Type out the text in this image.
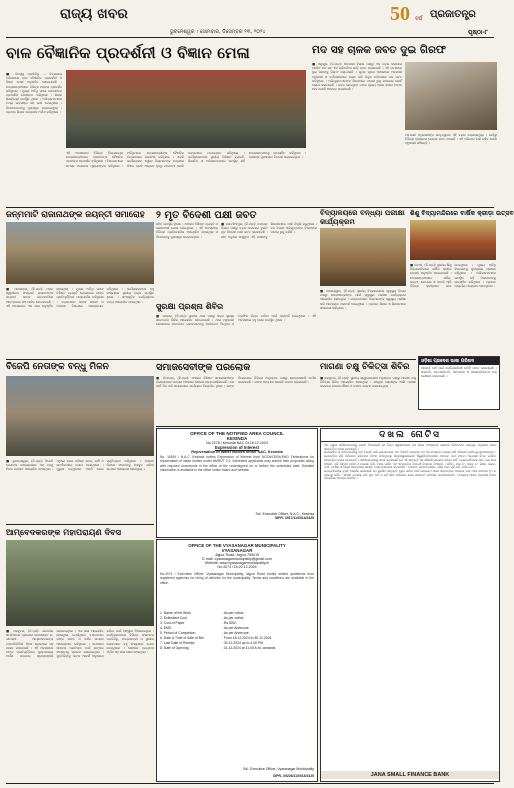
ରାଜ୍ୟ ଖବର
ଭୁବନେଶ୍ୱର । ସୋମବାର, ଡିସେମ୍ବର ୨୩, ୨୦୨୪	ପୃଷ୍ଠା-୮
50 ବର୍ଷ ପ୍ରଜାତନ୍ତ୍ର
ବାଳ ବୈଜ୍ଞାନିକ ପ୍ରଦର୍ଶନୀ ଓ ବିଜ୍ଞାନ ମେଳା	ମଦ ସହ ଚାଳକ ଜବତ ଦୁଇ ଗିରଫ

■ ନିଜସ୍ୱ ପ୍ରତିନିଧି ... ବିଦ୍ୟାଳୟ ପରିସରରେ ବାଳ ବୈଜ୍ଞାନିକ ପ୍ରଦର୍ଶନୀ ଓ ବିଜ୍ଞାନ ମେଳା ଅନୁଷ୍ଠିତ ହୋଇଯାଇଛି । ଛାତ୍ରଛାତ୍ରୀମାନେ ବିଭିନ୍ନ ମଡେଲ ପ୍ରଦର୍ଶନ କରିଥିଲେ । ମୁଖ୍ୟ ଅତିଥି ଭାବେ ଯୋଗଦେଇ ପ୍ରଦର୍ଶନୀ ଉଦଘାଟନ କରିଥିଲେ । ଶିକ୍ଷକ ଶିକ୍ଷୟିତ୍ରୀ ଉପସ୍ଥିତ ଥିଲେ । ଅଭିଭାବକମାନେ ମଧ୍ୟ ଉତ୍ସାହର ସହ ଭାଗ ନେଇଥିଲେ । ବିଜେତାମାନଙ୍କୁ ପୁରସ୍କୃତ କରାଯାଇଥିଲା । ପ୍ରଧାନ ଶିକ୍ଷକ ଧନ୍ୟବାଦ ଅର୍ପଣ କରିଥିଲେ ।

ଏହି ଅବସରରେ ବିଭିନ୍ନ ବିଦ୍ୟାଳୟର ଛାତ୍ରଛାତ୍ରୀମାନେ ସେମାନଙ୍କ ବୈଜ୍ଞାନିକ ପ୍ରକଳ୍ପ ପ୍ରଦର୍ଶନ କରିଥିଲେ । ବିଚାରକମାନେ ସମସ୍ତ ମଡେଲର ମୂଲ୍ୟାଙ୍କନ କରିଥିଲେ । ଅତିଥିମାନେ ଛାତ୍ରଛାତ୍ରୀଙ୍କ ବୈଜ୍ଞାନିକ ଚିନ୍ତାଧାରାର ପ୍ରଶଂସା କରିଥିଲେ । ଏଭଳି କାର୍ଯ୍ୟକ୍ରମ ଦ୍ୱାରା ପିଲାମାନଙ୍କ ମଧ୍ୟରେ ବିଜ୍ଞାନ ପ୍ରତି ଆଗ୍ରହ ବୃଦ୍ଧି ପାଇଥାଏ ବୋଲି ବକ୍ତାମାନେ ମତବ୍ୟକ୍ତ କରିଥିଲେ । କାର୍ଯ୍ୟକ୍ରମରେ ସ୍ଥାନୀୟ ବିଶିଷ୍ଟ ବ୍ୟକ୍ତି, ଶିକ୍ଷାବିତ୍ ଓ ଅଭିଭାବକମାନେ ଉପସ୍ଥିତ ରହି ଛାତ୍ରଛାତ୍ରୀଙ୍କୁ ଉତ୍ସାହିତ କରିଥିଲେ । ଶେଷରେ ପୁରସ୍କାର ବିତରଣ କରାଯାଇଥିଲା ।

■ ଅନୁଗୁଳ, (ନି.ପ୍ର): ଅବକାରୀ ବିଭାଗ ପକ୍ଷରୁ ଏକ ଚଢ଼ଉ କରାଯାଇ ଅବୈଧ ମଦ ସହ ଏକ ଚାରିଚକିଆ ଗାଡ଼ି ଜବତ କରାଯାଇଛି । ଏହି ଘଟଣାରେ ଦୁଇ ଜଣଙ୍କୁ ଗିରଫ କରାଯାଇଛି । ଗୁପ୍ତ ସୂଚନା ଆଧାରରେ ଅବକାରୀ ଅଧିକାରୀ ଓ କର୍ମଚାରୀମାନେ ଚଢ଼ଉ କରି ବିପୁଳ ପରିମାଣର ମଦ ଜବତ କରିଥିଲେ । ଅଭିଯୁକ୍ତମାନଙ୍କ ବିରୋଧରେ ମାମଲା ରୁଜୁ କରାଯାଇ କୋର୍ଟ ଚାଲାଣ କରାଯାଇଛି । ଜବତ ହୋଇଥିବା ମଦର ମୂଲ୍ୟ ହଜାର ହଜାର ଟଙ୍କା ହେବ ବୋଲି ଆକଳନ କରାଯାଇଛି ।

ଅବକାରୀ ଅଧିକାରୀଙ୍କ ନେତୃତ୍ୱରେ ଏହି ଚଢ଼ଉ କରାଯାଇଥିଲା । ଗାଡ଼ିରୁ ବିଭିନ୍ନ ବ୍ରାଣ୍ଡର ବୋତଲ ଜବତ ହୋଇଛି । ଏହି ଅଭିଯାନ ଜାରି ରହିବ ବୋଲି ଅଧିକାରୀ କହିଛନ୍ତି ।

ଜନ୍ମମାଟି ରାଜାନାଥଙ୍କ ଜୟନ୍ତୀ ସମାରୋହ	୨ ମୃତ ବିଦେଶୀ ପକ୍ଷୀ ଜବତ	ବିଦ୍ୟାଳୟରେ ବନ୍ଧ୍ୟା ପରୀକ୍ଷା କାର୍ଯ୍ୟକ୍ରମ
ଶିଶୁ ବିଦ୍ୟାମନ୍ଦିରରେ ବାର୍ଷିକ କ୍ରୀଡ଼ା ଉତ୍ସବ

■ ପାଳଲହଡ଼ା, (ନି.ପ୍ର): ମହାନ ସ୍ୱାଧୀନତା ସଂଗ୍ରାମୀ ରାଜାନାଥଙ୍କ ଜୟନ୍ତୀ ତାଙ୍କ ଜନ୍ମମାଟିରେ ଆଡ଼ମ୍ବରର ସହ ପାଳିତ ହୋଇଯାଇଛି । ଏହି ଅବସରରେ ଏକ ସଭା ଅନୁଷ୍ଠିତ ହୋଇଥିଲା । ମୁଖ୍ୟ ଅତିଥି ଭାବେ ବିଶିଷ୍ଟ ବ୍ୟକ୍ତି ଯୋଗଦେଇ ତାଙ୍କ ପ୍ରତିମୂର୍ତ୍ତିରେ ମାଲ୍ୟାର୍ପଣ କରିଥିଲେ । ବକ୍ତାମାନେ ତାଙ୍କ ଜୀବନୀ ଓ ଅବଦାନ ବିଷୟରେ ଆଲୋକପାତ କରିଥିଲେ । କାର୍ଯ୍ୟକ୍ରମରେ ବହୁ ସଂଖ୍ୟାରେ ସ୍ଥାନୀୟ ଲୋକ ଉପସ୍ଥିତ ଥିଲେ । ସାଂସ୍କୃତିକ କାର୍ଯ୍ୟକ୍ରମ ମଧ୍ୟ ଆୟୋଜିତ ହୋଇଥିଲା ।

ସହିତ ଉପସ୍ଥିତ ଥିଲେ । ଅଞ୍ଚଳର ବିଶିଷ୍ଟ ବ୍ୟକ୍ତି ଓ ଗ୍ରାମବାସୀ ଯୋଗ ଦେଇଥିଲେ । ଏହି ଅବସରରେ ବିଭିନ୍ନ ପ୍ରତିଯୋଗିତା ଆୟୋଜିତ ହୋଇଥିଲା ଓ ବିଜେତାଙ୍କୁ ପୁରସ୍କୃତ କରାଯାଇଥିଲା ।

■ ଜଗତସିଂହପୁର, (ନି.ପ୍ର): ଜଙ୍ଗଲ ବିଭାଗ ପକ୍ଷରୁ ଚଢ଼ଉ କରାଯାଇ ଦୁଇଟି ମୃତ ବିଦେଶୀ ପକ୍ଷୀ ଜବତ କରାଯାଇଛି । ଶୀତ ଋତୁରେ ଆସୁଥିବା ଏହି ପକ୍ଷୀଙ୍କୁ ଶିକାରୀମାନେ ମାରି ବିକ୍ରି କରୁଥିଲେ । ବନ ବିଭାଗ ଅଭିଯୁକ୍ତଙ୍କ ବିରୋଧରେ ମାମଲା ରୁଜୁ କରିଛି ।

ସୁରକ୍ଷା ପ୍ରଶ୍ନା ଶିବିର

■ ଭଦ୍ରକ, (ନି.ପ୍ର): ସ୍ଥାନୀୟ ଥାନା ପକ୍ଷରୁ ସଡ଼କ ସୁରକ୍ଷା ସଚେତନତା ଶିବିର ଆୟୋଜିତ ହୋଇଯାଇଛି । ଥାନା ଅଧିକାରୀ ଯୋଗଦେଇ ଯାନବାହନ ଚାଳକମାନଙ୍କୁ ହେଲମେଟ ପିନ୍ଧିବା ଓ ଟ୍ରାଫିକ ନିୟମ ମାନିବା ପାଇଁ ପରାମର୍ଶ ଦେଇଥିଲେ । ଏହି ଅବସରରେ ବହୁ ଲୋକ ଉପସ୍ଥିତ ଥିଲେ ।

■ ବାଲେଶ୍ୱର, (ନି.ପ୍ର): ସ୍ଥାନୀୟ ବିଦ୍ୟାଳୟରେ ସ୍ୱାସ୍ଥ୍ୟ ବିଭାଗ ପକ୍ଷରୁ ଛାତ୍ରଛାତ୍ରୀଙ୍କ ପାଇଁ ସ୍ୱାସ୍ଥ୍ୟ ପରୀକ୍ଷା କାର୍ଯ୍ୟକ୍ରମ ଆୟୋଜିତ ହୋଇଥିଲା । ଡାକ୍ତରମାନେ ପିଲାମାନଙ୍କ ସ୍ୱାସ୍ଥ୍ୟ ପରୀକ୍ଷା କରି ଆବଶ୍ୟକ ପରାମର୍ଶ ଦେଇଥିଲେ । ପ୍ରଧାନ ଶିକ୍ଷକ ଓ ଶିକ୍ଷକମାନେ ସହଯୋଗ କରିଥିଲେ ।

■ ଜଟଣୀ, (ନି.ପ୍ର): ସ୍ଥାନୀୟ ଶିଶୁ ବିଦ୍ୟାମନ୍ଦିରରେ ବାର୍ଷିକ କ୍ରୀଡ଼ା ଉତ୍ସବ ଅନୁଷ୍ଠିତ ହୋଇଯାଇଛି । ଛାତ୍ରଛାତ୍ରୀମାନେ ଦୌଡ଼, ଲମ୍ଫ, ଖୋ-ଖୋ ଓ କବାଡ଼ି ଆଦି ବିଭିନ୍ନ କ୍ରୀଡ଼ାରେ ଭାଗ ନେଇଥିଲେ । ମୁଖ୍ୟ ଅତିଥି ବିଜେତାଙ୍କୁ ପୁରସ୍କାର ପ୍ରଦାନ କରିଥିଲେ । ଅଭିଭାବକମାନେ ଉପସ୍ଥିତ ରହି ପିଲାମାନଙ୍କୁ ଉତ୍ସାହିତ କରିଥିଲେ । ପ୍ରଧାନ ଆଚାର୍ଯ୍ୟ ଧନ୍ୟବାଦ ଦେଇଥିଲେ ।

ଓଡ଼ିଶା ପ୍ରଦେଶ ଭାଷା ପରିଷଦ

ଆଗାମୀ ବର୍ଷ ପାଇଁ କାର୍ଯ୍ୟକାରିଣୀ କମିଟି ଗଠନ କରାଯାଇଛି । ସଭାପତି, ଉପ-ସଭାପତି, ସମ୍ପାଦକ ଓ ସଦସ୍ୟମାନଙ୍କ ନାମ ଘୋଷଣା କରାଯାଇଛି ।

ବିଜେପି ନେତାଙ୍କ ବନ୍ଧୁ ମିଳନ	ସମାଜସେବୀଙ୍କ ପରଲୋକ	ମାଗଣା ଚକ୍ଷୁ ଚିକିତ୍ସା ଶିବିର

■ ଭୁବନେଶ୍ୱର, (ନି.ପ୍ର): ବିଜେପି ନେତାଙ୍କ ଉଦ୍ୟୋଗରେ ଏକ ବନ୍ଧୁ ମିଳନ ଉତ୍ସବ ଆୟୋଜିତ ହୋଇଥିଲା । ଏଥିରେ ଦଳର ବରିଷ୍ଠ ନେତା, କର୍ମୀ ଓ ସମର୍ଥକମାନେ ଯୋଗ ଦେଇଥିଲେ । ପୁରୁଣା ବନ୍ଧୁମାନେ ଏକାଠି ହୋଇ ସ୍ମୃତିଚାରଣ କରିଥିଲେ । ଆଗାମୀ ଦିନରେ ସଂଗଠନକୁ ମଜବୁତ କରିବା ଉପରେ ଆଲୋଚନା ହୋଇଥିଲା ।

■ ନିମାପଡ଼ା, (ନି.ପ୍ର): ଅଞ୍ଚଳର ବିଶିଷ୍ଟ ସମାଜସେବୀଙ୍କ ପରଲୋକରେ ସମଗ୍ର ଅଞ୍ଚଳରେ ଶୋକର ଛାୟା ଖେଳିଯାଇଛି । ସେ ଦୀର୍ଘ ଦିନ ଧରି ସମାଜସେବା କାର୍ଯ୍ୟରେ ନିୟୋଜିତ ଥିଲେ । ତାଙ୍କ ବିୟୋଗରେ ବିଭିନ୍ନ ଅନୁଷ୍ଠାନ ପକ୍ଷରୁ ଶ୍ରଦ୍ଧାଞ୍ଜଳି ଅର୍ପଣ କରାଯାଇଛି । ତାଙ୍କ ଆତ୍ମାର ସଦଗତି କାମନା କରାଯାଇଛି ।

■ କେନ୍ଦୁଝର, (ନି.ପ୍ର): ସ୍ଥାନୀୟ ସ୍ୱେଚ୍ଛାସେବୀ ଅନୁଷ୍ଠାନ ପକ୍ଷରୁ ମାଗଣା ଚକ୍ଷୁ ଚିକିତ୍ସା ଶିବିର ଆୟୋଜିତ ହୋଇଥିଲା । ଶତାଧିକ ରୋଗୀଙ୍କ ଆଖି ପରୀକ୍ଷା କରାଯାଇ ମାଗଣା ଔଷଧ ଓ ଚଷମା ବଣ୍ଟନ କରାଯାଇଥିଲା ।

OFFICE OF THE NOTIFIED AREA COUNCIL
KESINDA
No.2278 / Kesinda NAC Dt.18.12.2024
Expression of Interest
Rejuvenation of Water Bodies under NAC, Kesinda
No. 11894 / N.A.C. Kesinda invites Expression of Interest from NGOs/CBOs/SHG Federations for rejuvenation of water bodies under AMRUT 2.0. Interested applicants may submit their proposals along with required documents in the office of the undersigned on or before the scheduled date. Detailed information is available in the office notice board and website.
Sd/- Executive Officer, N.A.C., Kesinda
OIPR- 0917/11/0014/2425
ଦଖଲ ନୋଟିସ

ଏହା ଦ୍ୱାରା ସର୍ବସାଧାରଣଙ୍କୁ ଜଣାଇ ଦିଆଯାଉଛି ଯେ ନିମ୍ନ ସ୍ୱାକ୍ଷରକାରୀ ଜନା ସ୍ମଲ ଫାଇନାନ୍ସ ବ୍ୟାଙ୍କ ଲିମିଟେଡର ପ୍ରାଧିକୃତ ଅଧିକାରୀ ଭାବେ ସମ୍ପତ୍ତିର ଦଖଲ ନେଇଛନ୍ତି ।

ଋଣଗ୍ରହିତା ଓ ଜାମିନଦାରଙ୍କୁ ଦାବି ବିଜ୍ଞପ୍ତି ଜାରି କରାଯାଇଥିଲା ଏବଂ ବିଜ୍ଞପ୍ତି ଗ୍ରହଣର ୬୦ ଦିନ ମଧ୍ୟରେ ବକେୟା ରାଶି ପରିଶୋଧ କରିବାକୁ କୁହାଯାଇଥିଲା । ଋଣଗ୍ରହିତା ରାଶି ପରିଶୋଧ କରିବାରେ ବିଫଳ ହୋଇଥିବାରୁ ନିମ୍ନସ୍ୱାକ୍ଷରକାରୀ ସିକ୍ୟୁରିଟାଇଜେସନ ଆଇନର ଧାରା ୧୩(୪) ଅନୁଯାୟୀ ନିମ୍ନ ବର୍ଣ୍ଣିତ ସମ୍ପତ୍ତିର ଦଖଲ ନେଇଛନ୍ତି । ସର୍ବସାଧାରଣଙ୍କୁ ସତର୍କ କରାଯାଉଛି ଯେ ଏହି ସମ୍ପତ୍ତି ସହ କୌଣସି କାରବାର କରିବେ ନାହିଁ । ଋଣଗ୍ରହିତାଙ୍କ ନାମ, ଋଣ ଖାତା ସଂଖ୍ୟା, ଦାବି ବିଜ୍ଞପ୍ତି ତାରିଖ ଓ ବକେୟା ରାଶି, ଦଖଲ ତାରିଖ ଏବଂ ସମ୍ପତ୍ତିର ବିବରଣୀ ନିମ୍ନରେ ଦିଆଗଲା । ମୌଜା, ଖାତା ନଂ, ପ୍ଲଟ ନଂ, କିସମ, ରକବା, ଥାନା, ତହସିଲ ଓ ଜିଲ୍ଲା ସମ୍ବନ୍ଧୀୟ ସମସ୍ତ ତଥ୍ୟ ଉଲ୍ଲେଖ କରାଯାଇଛି । ଚଉହଦୀ: ଉତ୍ତର-ରାସ୍ତା, ଦକ୍ଷିଣ-ଘର, ପୂର୍ବ-ଜମି, ପଶ୍ଚିମ-ଜମି ।

ଋଣଗ୍ରହିତାଙ୍କ ଦୃଷ୍ଟି ଆକର୍ଷଣ କରାଯାଉଛି ଯେ ସୁରକ୍ଷିତ ସମ୍ପତ୍ତି ମୁକ୍ତ କରିବା ପାଇଁ ଉପଲବ୍ଧ ସମୟ ସମ୍ବନ୍ଧରେ ଆଇନର ଧାରା ୧୩ର ଉପଧାରା (୮) ର ବ୍ୟବସ୍ଥା ରହିଛି । ସମସ୍ତ ବକେୟା ରାଶି, ସୁଧ, ଖର୍ଚ୍ଚ ଓ ଚାର୍ଜ ସହିତ ପରିଶୋଧ କଲେ ସମ୍ପତ୍ତି ଫେରସ୍ତ କରାଯାଇପାରିବ । ଅନ୍ୟଥା ଆଇନ ଅନୁଯାୟୀ ନିଲାମ ପ୍ରକ୍ରିୟା ଆରମ୍ଭ କରାଯିବ ।

JANA SMALL FINANCE BANK
ଆମ୍ବେଦକରଙ୍କ ମହାପରାୟଣ ଦିବସ

■ କେନ୍ଦୁଝର, (ନି.ପ୍ର): ଭାରତୀୟ ସମ୍ବିଧାନର ପ୍ରଣେତା ବାବାସାହେବ ଡ. ଭୀମରାଓ ଆମ୍ବେଦକରଙ୍କ ମହାପରିନିର୍ବାଣ ଦିବସ ଶ୍ରଦ୍ଧାର ସହ ପାଳନ କରାଯାଇଛି । ଏହି ଅବସରରେ ତାଙ୍କ ପ୍ରତିମୂର୍ତ୍ତିରେ ପୁଷ୍ପମାଲ୍ୟ ଅର୍ପଣ କରାଯାଇ ଶ୍ରଦ୍ଧାଞ୍ଜଳି ଜଣାଯାଇଥିଲା । ଏକ ସଭା ଆୟୋଜିତ ହୋଇଥିଲା ଯେଉଁଥିରେ ବକ୍ତାମାନେ ତାଙ୍କ ଜୀବନ ଓ ଦର୍ଶନ ଉପରେ ଆଲୋକପାତ କରିଥିଲେ । ସମାଜରେ ସମାନତା ପ୍ରତିଷ୍ଠା ପାଇଁ ତାଙ୍କର ସଂଗ୍ରାମକୁ ସ୍ମରଣ କରାଯାଇଥିଲା । ଯୁବପିଢ଼ିଙ୍କୁ ତାଙ୍କ ଆଦର୍ଶ ଅନୁସରଣ କରିବା ପାଇଁ ଆହ୍ୱାନ ଦିଆଯାଇଥିଲା । କାର୍ଯ୍ୟକ୍ରମରେ ବିଭିନ୍ନ ସଂଗଠନର ପ୍ରତିନିଧି, ଛାତ୍ରଛାତ୍ରୀ ଓ ସ୍ଥାନୀୟ ଲୋକମାନେ ବହୁ ସଂଖ୍ୟାରେ ଯୋଗ ଦେଇଥିଲେ । ଶେଷରେ ଧନ୍ୟବାଦ ଅର୍ପଣ ସହ ସଭା ଶେଷ ହୋଇଥିଲା ।

OFFICE OF THE VYASANAGAR MUNICIPALITY
VYASANAGAR
Jajpur Road, Jajpur-755019
E-mail: vyasanagarmunicipality@gmail.com
Website: www.vyasanagarmunicipality.in
No.4074 / Dt.20.12.2024
No.4074 / Executive Officer, Vyasanagar Municipality, Jajpur Road invites sealed quotations from registered agencies for hiring of vehicles for the municipality. Terms and conditions are available in the office.
1. Name of the Work	: As per notice
2. Estimated Cost	: As per notice
3. Cost of Paper	: Rs.500/-
4. EMD	: As per Annexure
5. Period of Completion	: As per Annexure
6. Date & Time of Sale of Bid	: From 18.12.2024 to 30.12.2024
7. Last Date of Receipt	: 30.12.2024 up to 4.00 PM
8. Date of Opening	: 31.12.2024 at 11.00 A.M. onwards
Sd/- Executive Officer, Vyasanagar Municipality
OIPR- 09226/11/0015/2425
